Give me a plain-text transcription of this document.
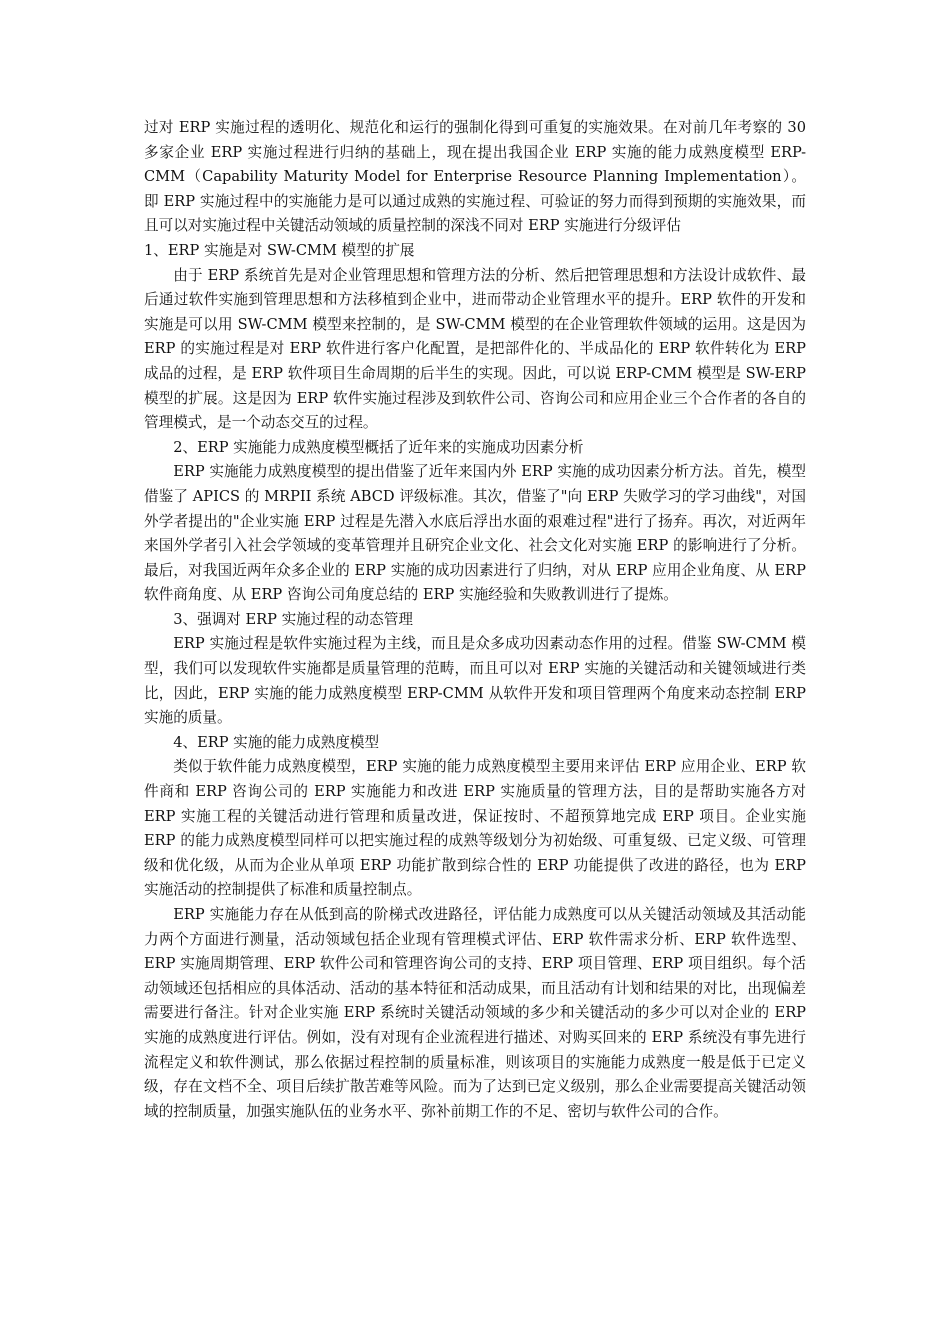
过对 ERP 实施过程的透明化、规范化和运行的强制化得到可重复的实施效果。在对前几年考察的 30 多家企业 ERP 实施过程进行归纳的基础上，现在提出我国企业 ERP 实施的能力成熟度模型 ERP-CMM（Capability Maturity Model for Enterprise Resource Planning Implementation）。即 ERP 实施过程中的实施能力是可以通过成熟的实施过程、可验证的努力而得到预期的实施效果，而且可以对实施过程中关键活动领域的质量控制的深浅不同对 ERP 实施进行分级评估

1、ERP 实施是对 SW-CMM 模型的扩展

由于 ERP 系统首先是对企业管理思想和管理方法的分析、然后把管理思想和方法设计成软件、最后通过软件实施到管理思想和方法移植到企业中，进而带动企业管理水平的提升。ERP 软件的开发和实施是可以用 SW-CMM 模型来控制的，是 SW-CMM 模型的在企业管理软件领域的运用。这是因为 ERP 的实施过程是对 ERP 软件进行客户化配置，是把部件化的、半成品化的 ERP 软件转化为 ERP 成品的过程，是 ERP 软件项目生命周期的后半生的实现。因此，可以说 ERP-CMM 模型是 SW-ERP 模型的扩展。这是因为 ERP 软件实施过程涉及到软件公司、咨询公司和应用企业三个合作者的各自的管理模式，是一个动态交互的过程。

2、ERP 实施能力成熟度模型概括了近年来的实施成功因素分析

ERP 实施能力成熟度模型的提出借鉴了近年来国内外 ERP 实施的成功因素分析方法。首先，模型借鉴了 APICS 的 MRPII 系统 ABCD 评级标准。其次，借鉴了"向 ERP 失败学习的学习曲线"，对国外学者提出的"企业实施 ERP 过程是先潜入水底后浮出水面的艰难过程"进行了扬弃。再次，对近两年来国外学者引入社会学领域的变革管理并且研究企业文化、社会文化对实施 ERP 的影响进行了分析。最后，对我国近两年众多企业的 ERP 实施的成功因素进行了归纳，对从 ERP 应用企业角度、从 ERP 软件商角度、从 ERP 咨询公司角度总结的 ERP 实施经验和失败教训进行了提炼。

3、强调对 ERP 实施过程的动态管理

ERP 实施过程是软件实施过程为主线，而且是众多成功因素动态作用的过程。借鉴 SW-CMM 模型，我们可以发现软件实施都是质量管理的范畴，而且可以对 ERP 实施的关键活动和关键领域进行类比，因此，ERP 实施的能力成熟度模型 ERP-CMM 从软件开发和项目管理两个角度来动态控制 ERP 实施的质量。

4、ERP 实施的能力成熟度模型

类似于软件能力成熟度模型，ERP 实施的能力成熟度模型主要用来评估 ERP 应用企业、ERP 软件商和 ERP 咨询公司的 ERP 实施能力和改进 ERP 实施质量的管理方法，目的是帮助实施各方对 ERP 实施工程的关键活动进行管理和质量改进，保证按时、不超预算地完成 ERP 项目。企业实施 ERP 的能力成熟度模型同样可以把实施过程的成熟等级划分为初始级、可重复级、已定义级、可管理级和优化级，从而为企业从单项 ERP 功能扩散到综合性的 ERP 功能提供了改进的路径，也为 ERP 实施活动的控制提供了标准和质量控制点。

ERP 实施能力存在从低到高的阶梯式改进路径，评估能力成熟度可以从关键活动领域及其活动能力两个方面进行测量，活动领域包括企业现有管理模式评估、ERP 软件需求分析、ERP 软件选型、ERP 实施周期管理、ERP 软件公司和管理咨询公司的支持、ERP 项目管理、ERP 项目组织。每个活动领域还包括相应的具体活动、活动的基本特征和活动成果，而且活动有计划和结果的对比，出现偏差需要进行备注。针对企业实施 ERP 系统时关键活动领域的多少和关键活动的多少可以对企业的 ERP 实施的成熟度进行评估。例如，没有对现有企业流程进行描述、对购买回来的 ERP 系统没有事先进行流程定义和软件测试，那么依据过程控制的质量标准，则该项目的实施能力成熟度一般是低于已定义级，存在文档不全、项目后续扩散苦难等风险。而为了达到已定义级别，那么企业需要提高关键活动领域的控制质量，加强实施队伍的业务水平、弥补前期工作的不足、密切与软件公司的合作。
